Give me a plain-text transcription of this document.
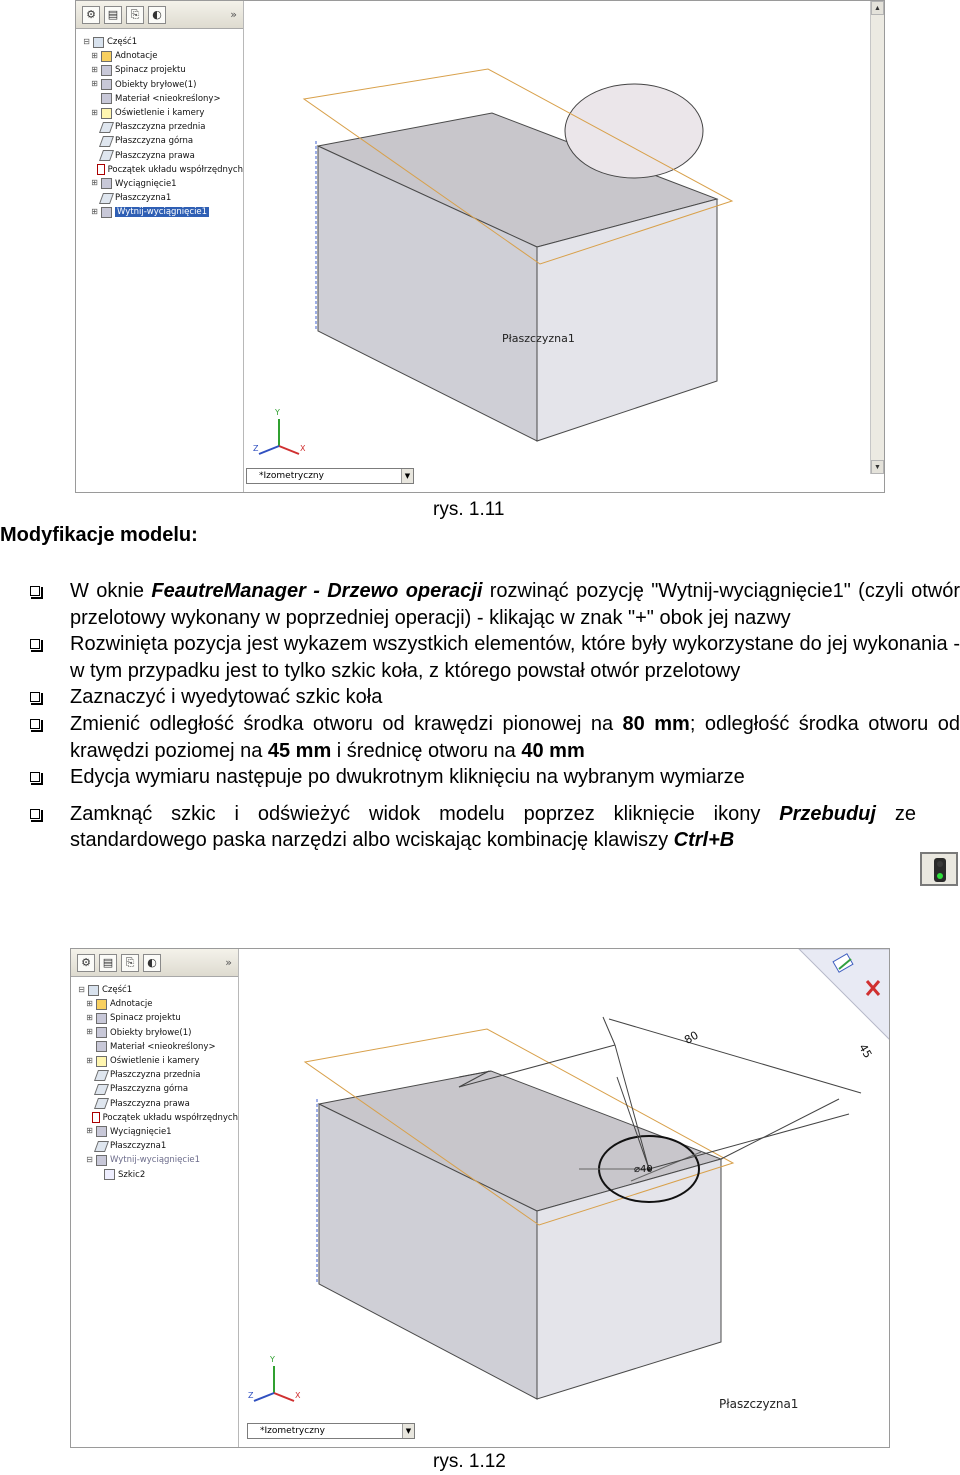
⚙	▤	⎘	◐	»
⊟ Część1
⊞ Adnotacje
⊞ Spinacz projektu
⊞ Obiekty bryłowe(1)
Materiał <nieokreślony>
⊞ Oświetlenie i kamery
Płaszczyzna przednia
Płaszczyzna górna
Płaszczyzna prawa
Początek układu współrzędnych
⊞ Wyciągnięcie1
Płaszczyzna1
⊞ Wytnij-wyciągnięcie1
Płaszczyzna1
Y
X
Z
*Izometryczny	▼
▲
▼
rys. 1.11
Modyfikacje modelu:
W oknie FeautreManager - Drzewo operacji rozwinąć pozycję "Wytnij-wyciągnięcie1" (czyli otwór przelotowy wykonany w poprzedniej operacji) - klikając w znak "+" obok jej nazwy
Rozwinięta pozycja jest wykazem wszystkich elementów, które były wykorzystane do jej wykonania - w tym przypadku jest to tylko szkic koła, z którego powstał otwór przelotowy
Zaznaczyć i wyedytować szkic koła
Zmienić odległość środka otworu od krawędzi pionowej na 80 mm; odległość środka otworu od krawędzi poziomej na 45 mm i średnicę otworu na 40 mm
Edycja wymiaru następuje po dwukrotnym kliknięciu na wybranym wymiarze
Zamknąć szkic i odświeżyć widok modelu poprzez kliknięcie ikony Przebuduj ze standardowego paska narzędzi albo wciskając kombinację klawiszy Ctrl+B
⚙	▤	⎘	◐	»
⊟ Część1
⊞ Adnotacje
⊞ Spinacz projektu
⊞ Obiekty bryłowe(1)
Materiał <nieokreślony>
⊞ Oświetlenie i kamery
Płaszczyzna przednia
Płaszczyzna górna
Płaszczyzna prawa
Początek układu współrzędnych
⊞ Wyciągnięcie1
Płaszczyzna1
⊟ Wytnij-wyciągnięcie1
Szkic2
80
45
⌀40
Płaszczyzna1
Y
X
Z
*Izometryczny	▼
rys. 1.12
